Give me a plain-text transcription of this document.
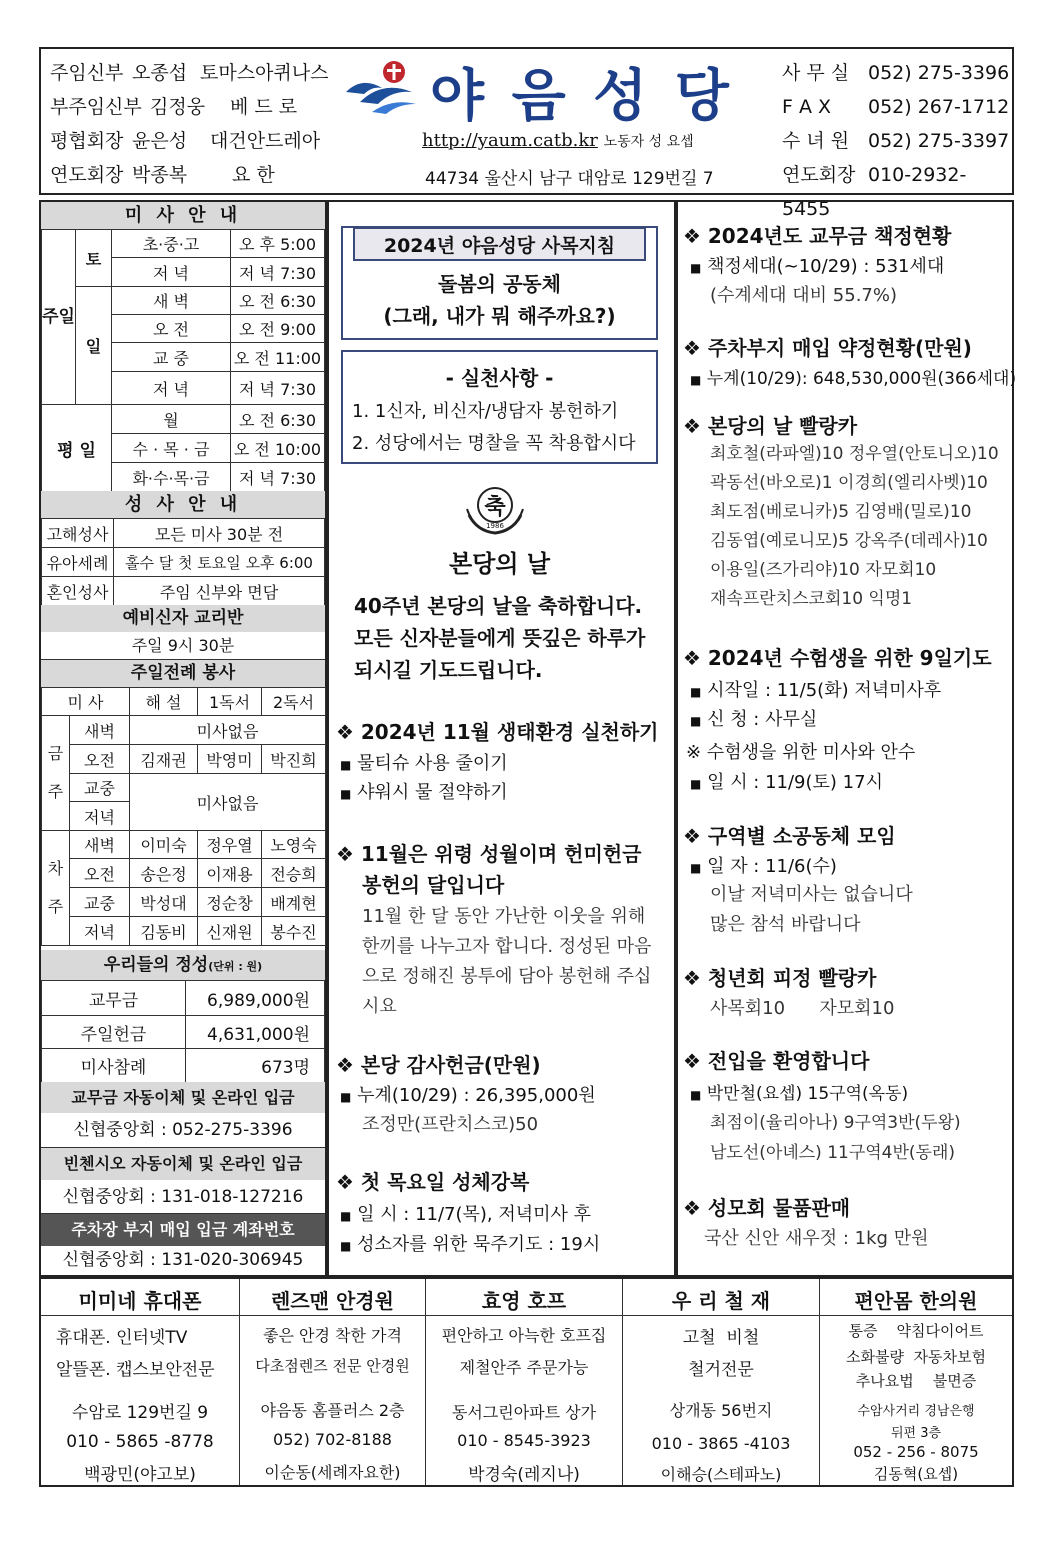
주임신부 오종섭 토마스아퀴나스
부주임신부 김정웅 베 드 로
평협회장 윤은성 대건안드레아
연도회장 박종복 요 한
야 음 성 당
http://yaum.catb.kr 노동자 성 요셉
44734 울산시 남구 대암로 129번길 7
사 무 실 052) 275-3396
F A X 052) 267-1712
수 녀 원 052) 275-3397
연도회장 010-2932-5455
미 사 안 내
주일	토	초·중·고	오 후 5:00
		저 녁	저 녁 7:30
	일	새 벽	오 전 6:30
		오 전	오 전 9:00
		교 중	오 전 11:00
		저 녁	저 녁 7:30
평 일		월	오 전 6:30
		수 · 목 · 금	오 전 10:00
		화·수·목·금	저 녁 7:30
성 사 안 내
고해성사	모든 미사 30분 전
유아세례	홀수 달 첫 토요일 오후 6:00
혼인성사	주임 신부와 면담
예비신자 교리반
주일 9시 30분
주일전례 봉사
미 사		해 설	1독서	2독서
금주	새벽	미사없음		
	오전	김재권	박영미	박진희
	교중	미사없음		
	저녁			
차주	새벽	이미숙	정우열	노영숙
	오전	송은정	이재용	전승희
	교중	박성대	정순창	배계현
	저녁	김동비	신재원	봉수진
우리들의 정성(단위 : 원)
교무금	6,989,000원
주일헌금	4,631,000원
미사참례	673명
교무금 자동이체 및 온라인 입금
신협중앙회 : 052-275-3396
빈첸시오 자동이체 및 온라인 입금
신협중앙회 : 131-018-127216
주차장 부지 매입 입금 계좌번호
신협중앙회 : 131-020-306945
2024년 야음성당 사목지침
돌봄의 공동체
(그래, 내가 뭐 해주까요?)
- 실천사항 -
1. 1신자, 비신자/냉담자 봉헌하기
2. 성당에서는 명찰을 꼭 착용합시다
축
1986
본당의 날
40주년 본당의 날을 축하합니다.
모든 신자분들에게 뜻깊은 하루가
되시길 기도드립니다.
❖ 2024년 11월 생태환경 실천하기
■ 물티슈 사용 줄이기
■ 샤워시 물 절약하기
❖ 11월은 위령 성월이며 헌미헌금
봉헌의 달입니다
11월 한 달 동안 가난한 이웃을 위해
한끼를 나누고자 합니다. 정성된 마음
으로 정해진 봉투에 담아 봉헌해 주십
시요
❖ 본당 감사헌금(만원)
■ 누계(10/29) : 26,395,000원
조정만(프란치스코)50
❖ 첫 목요일 성체강복
■ 일 시 : 11/7(목), 저녁미사 후
■ 성소자를 위한 묵주기도 : 19시
❖ 2024년도 교무금 책정현황
■ 책정세대(~10/29) : 531세대
(수계세대 대비 55.7%)
❖ 주차부지 매입 약정현황(만원)
■ 누계(10/29): 648,530,000원(366세대)
❖ 본당의 날 빨랑카
최호철(라파엘)10 정우열(안토니오)10
곽동선(바오로)1 이경희(엘리사벳)10
최도점(베로니카)5 김영배(밀로)10
김동엽(예로니모)5 강옥주(데레사)10
이용일(즈가리야)10 자모회10
재속프란치스코회10 익명1
❖ 2024년 수험생을 위한 9일기도
■ 시작일 : 11/5(화) 저녁미사후
■ 신 청 : 사무실
※ 수험생을 위한 미사와 안수
■ 일 시 : 11/9(토) 17시
❖ 구역별 소공동체 모임
■ 일 자 : 11/6(수)
이날 저녁미사는 없습니다
많은 참석 바랍니다
❖ 청년회 피정 빨랑카
사목회10      자모회10
❖ 전입을 환영합니다
■ 박만철(요셉) 15구역(옥동)
최점이(율리아나) 9구역3반(두왕)
남도선(아녜스) 11구역4반(동래)
❖ 성모회 물품판매
국산 신안 새우젓 : 1kg 만원
미미네 휴대폰
휴대폰. 인터넷TV
알뜰폰. 캡스보안전문
수암로 129번길 9
010 - 5865 -8778
백광민(야고보)
렌즈맨 안경원
좋은 안경 착한 가격
다초점렌즈 전문 안경원
야음동 홈플러스 2층
052) 702-8188
이순동(세례자요한)
효영 호프
편안하고 아늑한 호프집
제철안주 주문가능
동서그린아파트 상가
010 - 8545-3923
박경숙(레지나)
우 리 철 재
고철  비철
철거전문
상개동 56번지
010 - 3865 -4103
이해승(스테파노)
편안몸 한의원
통증    약침다이어트
소화불량  자동차보험
추나요법    불면증
수암사거리 경남은행
뒤편 3층
052 - 256 - 8075
김동혁(요셉)
